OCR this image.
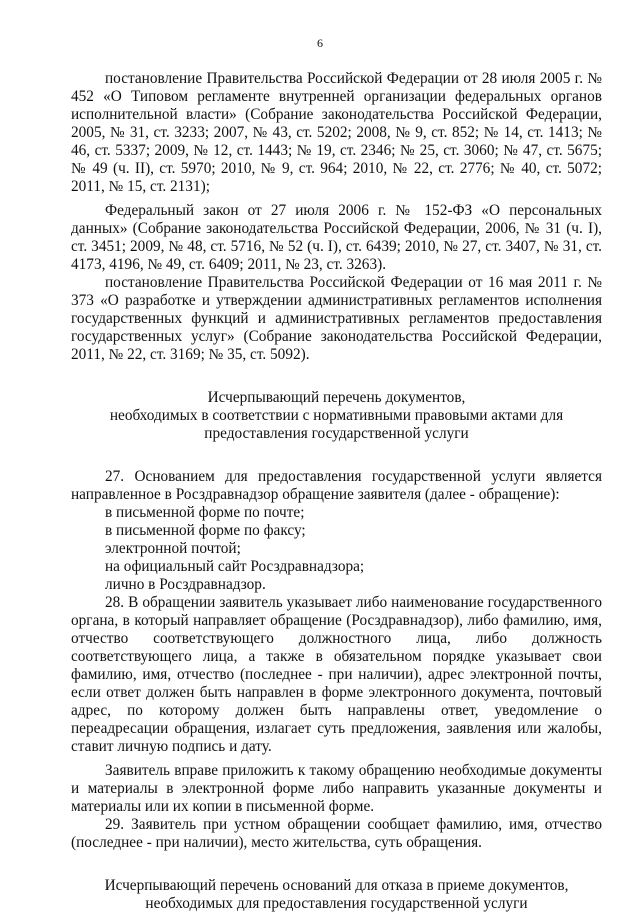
6

постановление Правительства Российской Федерации от 28 июля 2005 г. № 452 «О Типовом регламенте внутренней организации федеральных органов исполнительной власти» (Собрание законодательства Российской Федерации, 2005, № 31, ст. 3233; 2007, № 43, ст. 5202; 2008, № 9, ст. 852; № 14, ст. 1413; № 46, ст. 5337; 2009, № 12, ст. 1443; № 19, ст. 2346; № 25, ст. 3060; № 47, ст. 5675; № 49 (ч. II), ст. 5970; 2010, № 9, ст. 964; 2010, № 22, ст. 2776; № 40, ст. 5072; 2011, № 15, ст. 2131);

Федеральный закон от 27 июля 2006 г. № 152-ФЗ «О персональных данных» (Собрание законодательства Российской Федерации, 2006, № 31 (ч. I), ст. 3451; 2009, № 48, ст. 5716, № 52 (ч. I), ст. 6439; 2010, № 27, ст. 3407, № 31, ст. 4173, 4196, № 49, ст. 6409; 2011, № 23, ст. 3263).

постановление Правительства Российской Федерации от 16 мая 2011 г. № 373 «О разработке и утверждении административных регламентов исполнения государственных функций и административных регламентов предоставления государственных услуг» (Собрание законодательства Российской Федерации, 2011, № 22, ст. 3169; № 35, ст. 5092).

Исчерпывающий перечень документов,
необходимых в соответствии с нормативными правовыми актами для
предоставления государственной услуги

27. Основанием для предоставления государственной услуги является направленное в Росздравнадзор обращение заявителя (далее - обращение):

в письменной форме по почте;

в письменной форме по факсу;

электронной почтой;

на официальный сайт Росздравнадзора;

лично в Росздравнадзор.

28. В обращении заявитель указывает либо наименование государственного органа, в который направляет обращение (Росздравнадзор), либо фамилию, имя, отчество соответствующего должностного лица, либо должность соответствующего лица, а также в обязательном порядке указывает свои фамилию, имя, отчество (последнее - при наличии), адрес электронной почты, если ответ должен быть направлен в форме электронного документа, почтовый адрес, по которому должен быть направлены ответ, уведомление о переадресации обращения, излагает суть предложения, заявления или жалобы, ставит личную подпись и дату.

Заявитель вправе приложить к такому обращению необходимые документы и материалы в электронной форме либо направить указанные документы и материалы или их копии в письменной форме.

29. Заявитель при устном обращении сообщает фамилию, имя, отчество (последнее - при наличии), место жительства, суть обращения.

Исчерпывающий перечень оснований для отказа в приеме документов,
необходимых для предоставления государственной услуги
